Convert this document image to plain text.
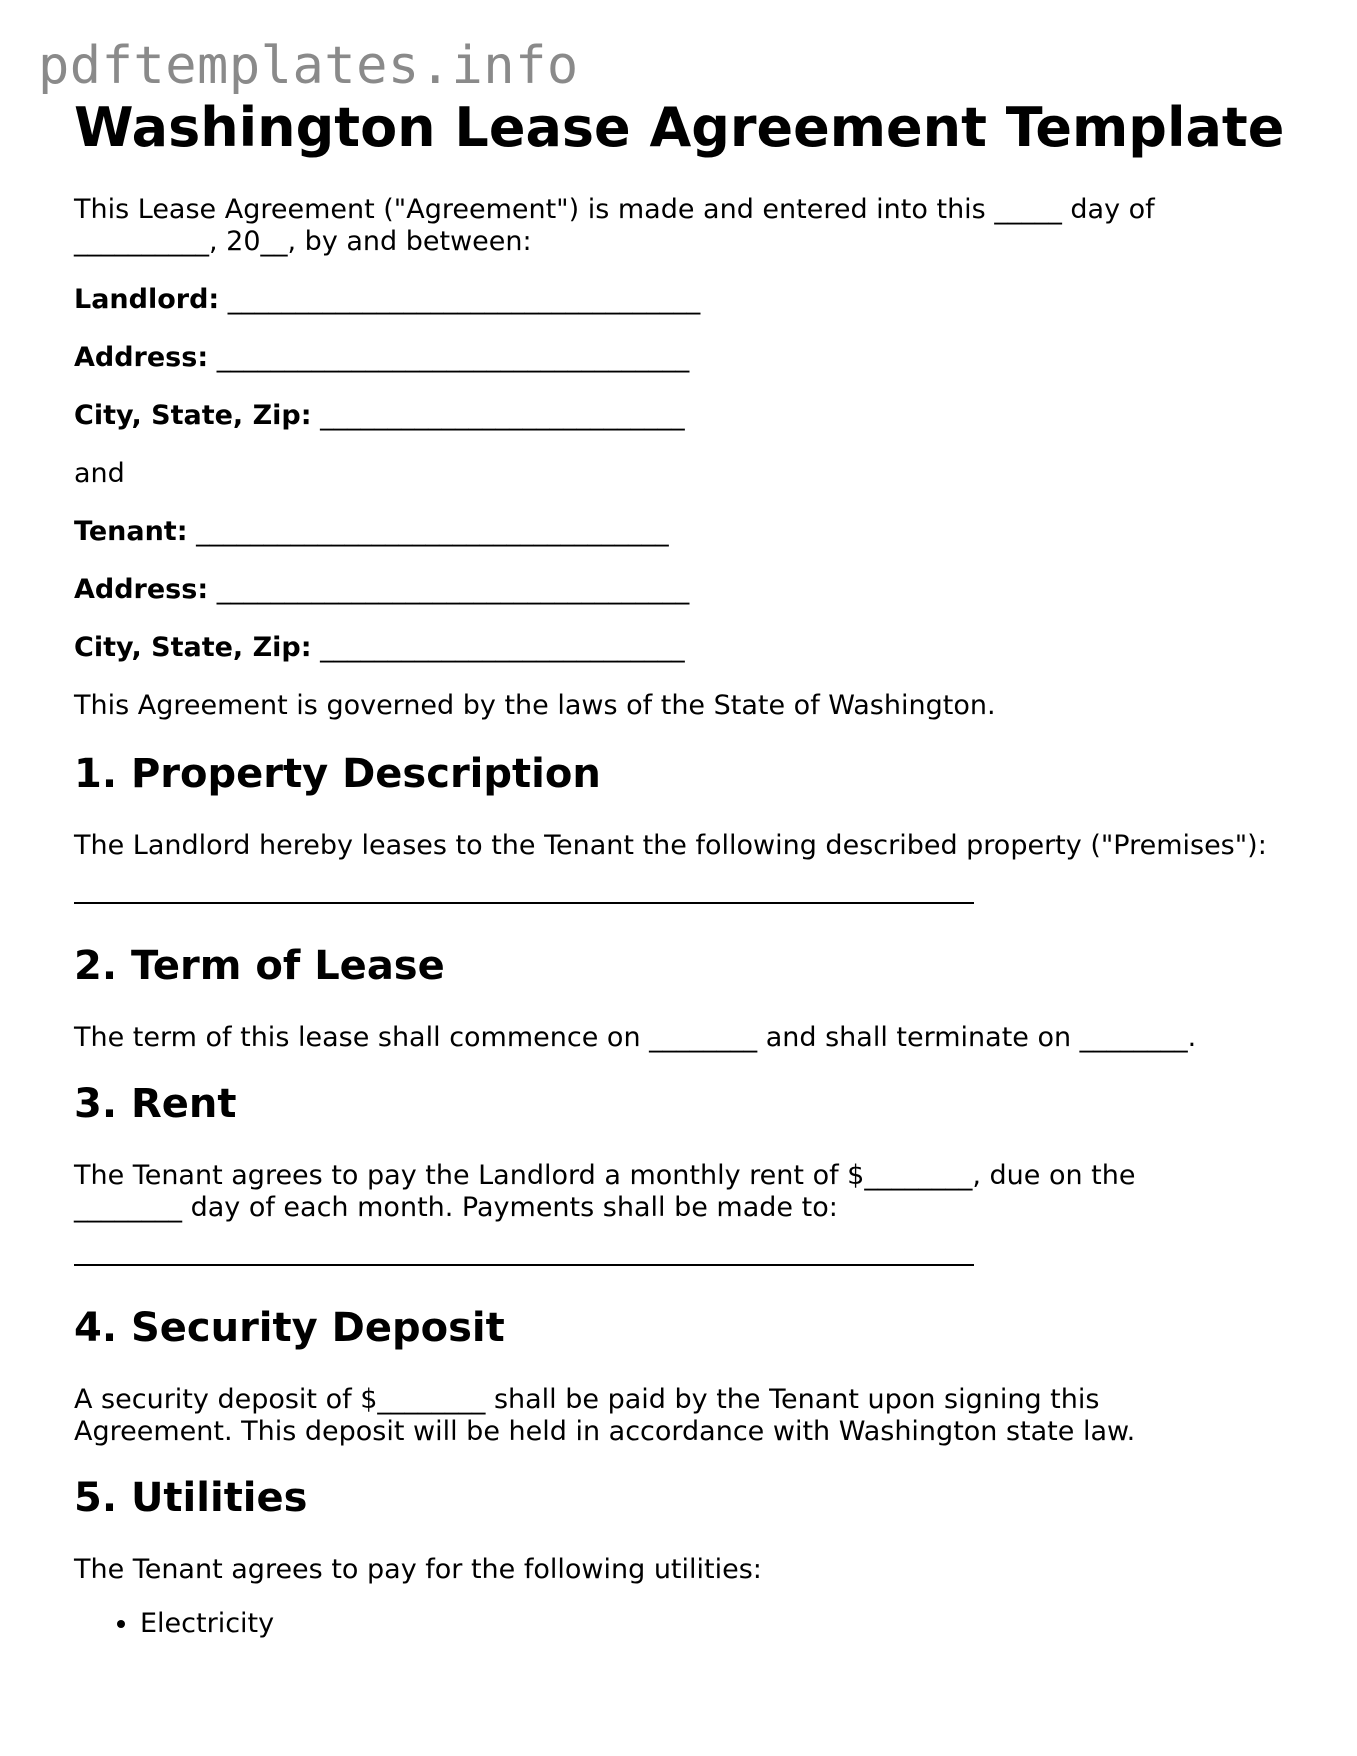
pdftemplates.info
Washington Lease Agreement Template

This Lease Agreement ("Agreement") is made and entered into this _____ day of __________, 20__, by and between:

Landlord: ___________________________________

Address: ___________________________________

City, State, Zip: ___________________________

and

Tenant: ___________________________________

Address: ___________________________________

City, State, Zip: ___________________________

This Agreement is governed by the laws of the State of Washington.

1. Property Description

The Landlord hereby leases to the Tenant the following described property ("Premises"):

2. Term of Lease

The term of this lease shall commence on ________ and shall terminate on ________.

3. Rent

The Tenant agrees to pay the Landlord a monthly rent of $________, due on the ________ day of each month. Payments shall be made to:

4. Security Deposit

A security deposit of $________ shall be paid by the Tenant upon signing this Agreement. This deposit will be held in accordance with Washington state law.

5. Utilities

The Tenant agrees to pay for the following utilities:

• Electricity
